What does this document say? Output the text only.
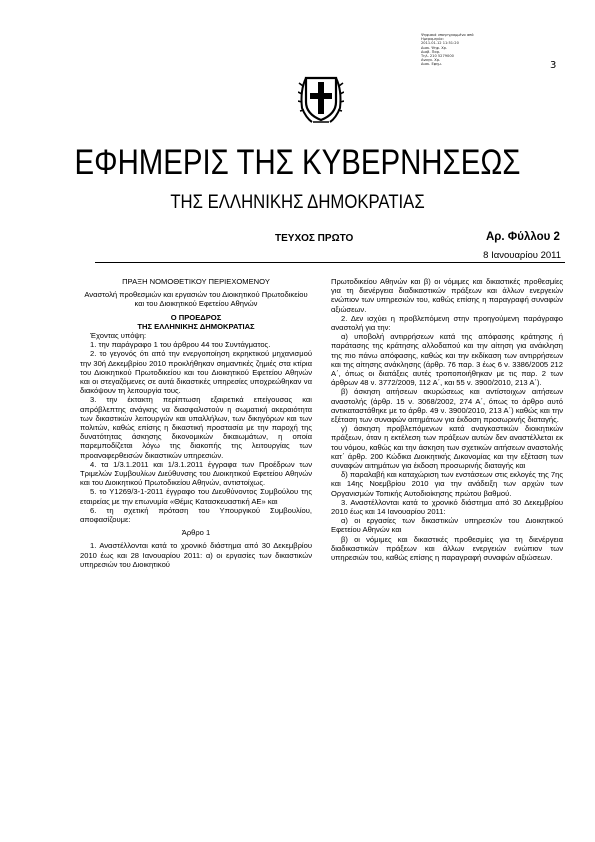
Ψηφιακά υπογεγραμμένο από
Ημερομηνία:
2011.01.12 11:51:20
Διακ. Ψηφ. Χρ.
Διαβ. Παρ.
Τηλ. 210 5279000
Αναγν. Χρ.
Διακ. Εφημ.	3
ΕΦΗΜΕΡΙΣ ΤΗΣ ΚΥΒΕΡΝΗΣΕΩΣ
ΤΗΣ ΕΛΛΗΝΙΚΗΣ ΔΗΜΟΚΡΑΤΙΑΣ
ΤΕΥΧΟΣ ΠΡΩΤΟ	Αρ. Φύλλου 2
8 Ιανουαρίου 2011

ΠΡΑΞΗ ΝΟΜΟΘΕΤΙΚΟΥ ΠΕΡΙΕΧΟΜΕΝΟΥ

Αναστολή προθεσμιών και εργασιών του Διοικητικού Πρωτοδικείου και του Διοικητικού Εφετείου Αθηνών

Ο ΠΡΟΕΔΡΟΣ

ΤΗΣ ΕΛΛΗΝΙΚΗΣ ΔΗΜΟΚΡΑΤΙΑΣ

Έχοντας υπόψη:

1. την παράγραφο 1 του άρθρου 44 του Συντάγματος.

2. το γεγονός ότι από την ενεργοποίηση εκρηκτικού μηχανισμού την 30ή Δεκεμβρίου 2010 προκλήθηκαν σημαντικές ζημιές στα κτίρια του Διοικητικού Πρωτοδικείου και του Διοικητικού Εφετείου Αθηνών και οι στεγαζόμενες σε αυτά δικαστικές υπηρεσίες υποχρεώθηκαν να διακόψουν τη λειτουργία τους.

3. την έκτακτη περίπτωση εξαιρετικά επείγουσας και απρόβλεπτης ανάγκης να διασφαλιστούν η σωματική ακεραιότητα των δικαστικών λειτουργών και υπαλλήλων, των δικηγόρων και των πολιτών, καθώς επίσης η δικαστική προστασία με την παροχή της δυνατότητας άσκησης δικονομικών δικαιωμάτων, η οποία παρεμποδίζεται λόγω της διακοπής της λειτουργίας των προαναφερθεισών δικαστικών υπηρεσιών.

4. τα 1/3.1.2011 και 1/3.1.2011 έγγραφα των Προέδρων των Τριμελών Συμβουλίων Διεύθυνσης του Διοικητικού Εφετείου Αθηνών και του Διοικητικού Πρωτοδικείου Αθηνών, αντιστοίχως.

5. το Υ1269/3-1-2011 έγγραφο του Διευθύνοντος Συμβούλου της εταιρείας με την επωνυμία «Θέμις Κατασκευαστική ΑΕ» και

6. τη σχετική πρόταση του Υπουργικού Συμβουλίου, αποφασίζουμε:

Άρθρο 1

1. Αναστέλλονται κατά το χρονικό διάστημα από 30 Δεκεμβρίου 2010 έως και 28 Ιανουαρίου 2011: α) οι εργασίες των δικαστικών υπηρεσιών του Διοικητικού

Πρωτοδικείου Αθηνών και β) οι νόμιμες και δικαστικές προθεσμίες για τη διενέργεια διαδικαστικών πράξεων και άλλων ενεργειών ενώπιον των υπηρεσιών του, καθώς επίσης η παραγραφή συναφών αξιώσεων.

2. Δεν ισχύει η προβλεπόμενη στην προηγούμενη παράγραφο αναστολή για την:

α) υποβολή αντιρρήσεων κατά της απόφασης κράτησης ή παράτασης της κράτησης αλλοδαπού και την αίτηση για ανάκληση της πιο πάνω απόφασης, καθώς και την εκδίκαση των αντιρρήσεων και της αίτησης ανάκλησης (άρθρ. 76 παρ. 3 έως 6 ν. 3386/2005 212 Α΄, όπως οι διατάξεις αυτές τροποποιήθηκαν με τις παρ. 2 των άρθρων 48 ν. 3772/2009, 112 Α΄, και 55 ν. 3900/2010, 213 Α΄).

β) άσκηση αιτήσεων ακυρώσεως και αντίστοιχων αιτήσεων αναστολής (άρθρ. 15 ν. 3068/2002, 274 Α΄, όπως το άρθρο αυτό αντικαταστάθηκε με το άρθρ. 49 ν. 3900/2010, 213 Α΄) καθώς και την εξέταση των συναφών αιτημάτων για έκδοση προσωρινής διαταγής.

γ) άσκηση προβλεπόμενων κατά αναγκαστικών διοικητικών πράξεων, όταν η εκτέλεση των πράξεων αυτών δεν αναστέλλεται εκ του νόμου, καθώς και την άσκηση των σχετικών αιτήσεων αναστολής κατ΄ άρθρ. 200 Κώδικα Διοικητικής Δικονομίας και την εξέταση των συναφών αιτημάτων για έκδοση προσωρινής διαταγής και

δ) παραλαβή και καταχώριση των ενστάσεων στις εκλογές της 7ης και 14ης Νοεμβρίου 2010 για την ανάδειξη των αρχών των Οργανισμών Τοπικής Αυτοδιοίκησης πρώτου βαθμού.

3. Αναστέλλονται κατά το χρονικό διάστημα από 30 Δεκεμβρίου 2010 έως και 14 Ιανουαρίου 2011:

α) οι εργασίες των δικαστικών υπηρεσιών του Διοικητικού Εφετείου Αθηνών και

β) οι νόμιμες και δικαστικές προθεσμίες για τη διενέργεια διαδικαστικών πράξεων και άλλων ενεργειών ενώπιον των υπηρεσιών του, καθώς επίσης η παραγραφή συναφών αξιώσεων.
